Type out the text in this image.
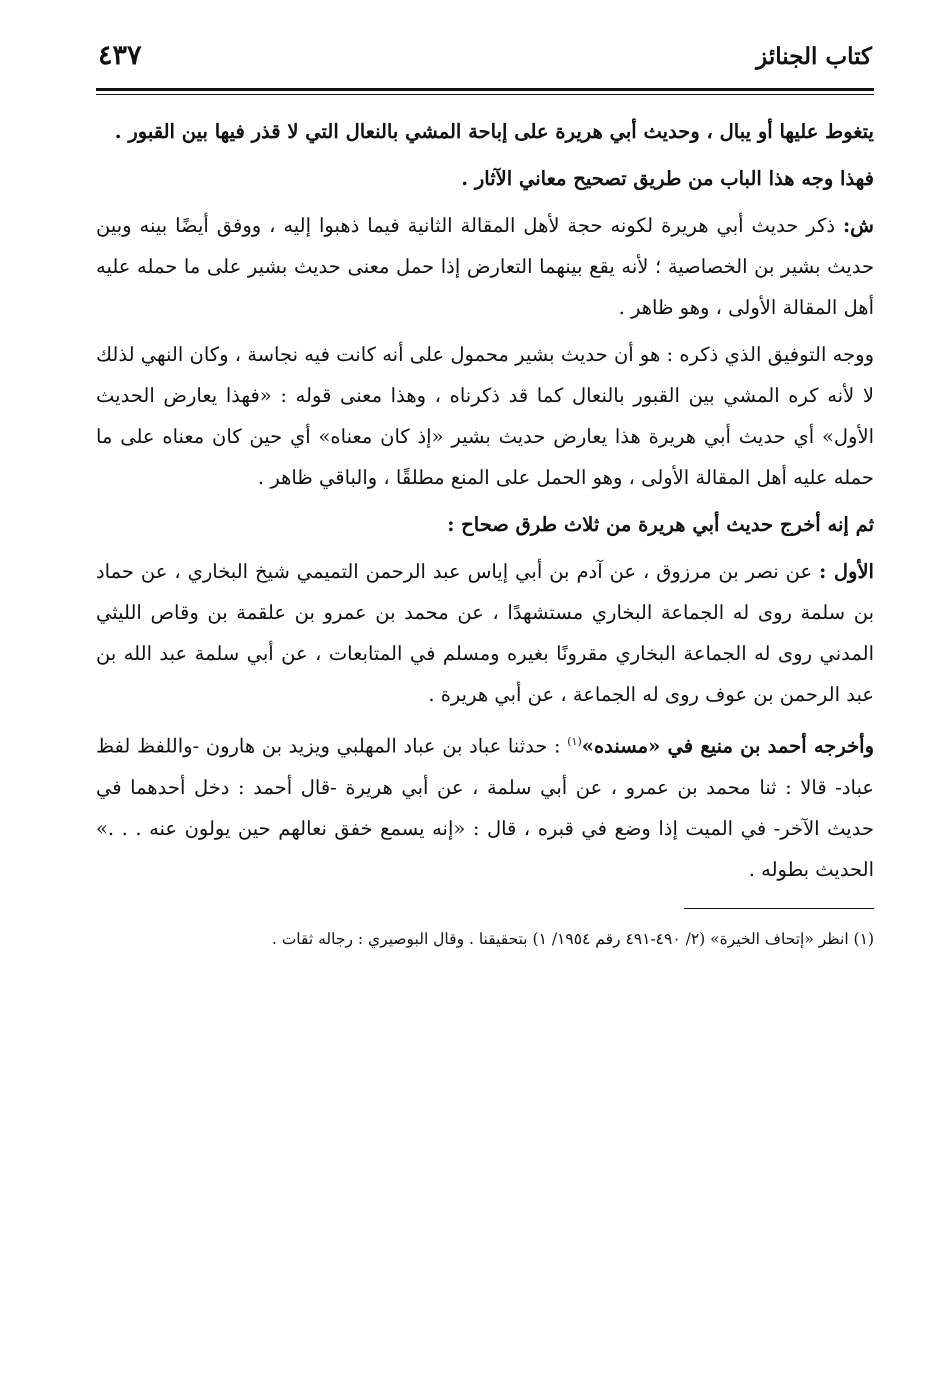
كتاب الجنائز
٤٣٧

يتغوط عليها أو يبال ، وحديث أبي هريرة على إباحة المشي بالنعال التي لا قذر فيها بين القبور .

فهذا وجه هذا الباب من طريق تصحيح معاني الآثار .

ش: ذكر حديث أبي هريرة لكونه حجة لأهل المقالة الثانية فيما ذهبوا إليه ، ووفق أيضًا بينه وبين حديث بشير بن الخصاصية ؛ لأنه يقع بينهما التعارض إذا حمل معنى حديث بشير على ما حمله عليه أهل المقالة الأولى ، وهو ظاهر .

ووجه التوفيق الذي ذكره : هو أن حديث بشير محمول على أنه كانت فيه نجاسة ، وكان النهي لذلك لا لأنه كره المشي بين القبور بالنعال كما قد ذكرناه ، وهذا معنى قوله : «فهذا يعارض الحديث الأول» أي حديث أبي هريرة هذا يعارض حديث بشير «إذ كان معناه» أي حين كان معناه على ما حمله عليه أهل المقالة الأولى ، وهو الحمل على المنع مطلقًا ، والباقي ظاهر .

ثم إنه أخرج حديث أبي هريرة من ثلاث طرق صحاح :

الأول : عن نصر بن مرزوق ، عن آدم بن أبي إياس عبد الرحمن التميمي شيخ البخاري ، عن حماد بن سلمة روى له الجماعة البخاري مستشهدًا ، عن محمد بن عمرو بن علقمة بن وقاص الليثي المدني روى له الجماعة البخاري مقرونًا بغيره ومسلم في المتابعات ، عن أبي سلمة عبد الله بن عبد الرحمن بن عوف روى له الجماعة ، عن أبي هريرة .

وأخرجه أحمد بن منيع في «مسنده»$^{(١)}$ : حدثنا عباد بن عباد المهلبي ويزيد بن هارون -واللفظ لفظ عباد- قالا : ثنا محمد بن عمرو ، عن أبي سلمة ، عن أبي هريرة -قال أحمد : دخل أحدهما في حديث الآخر- في الميت إذا وضع في قبره ، قال : «إنه يسمع خفق نعالهم حين يولون عنه . . .» الحديث بطوله .

(١) انظر «إتحاف الخيرة» (٢/ ٤٩٠-٤٩١ رقم ١٩٥٤/ ١) بتحقيقنا . وقال البوصيري : رجاله ثقات .
